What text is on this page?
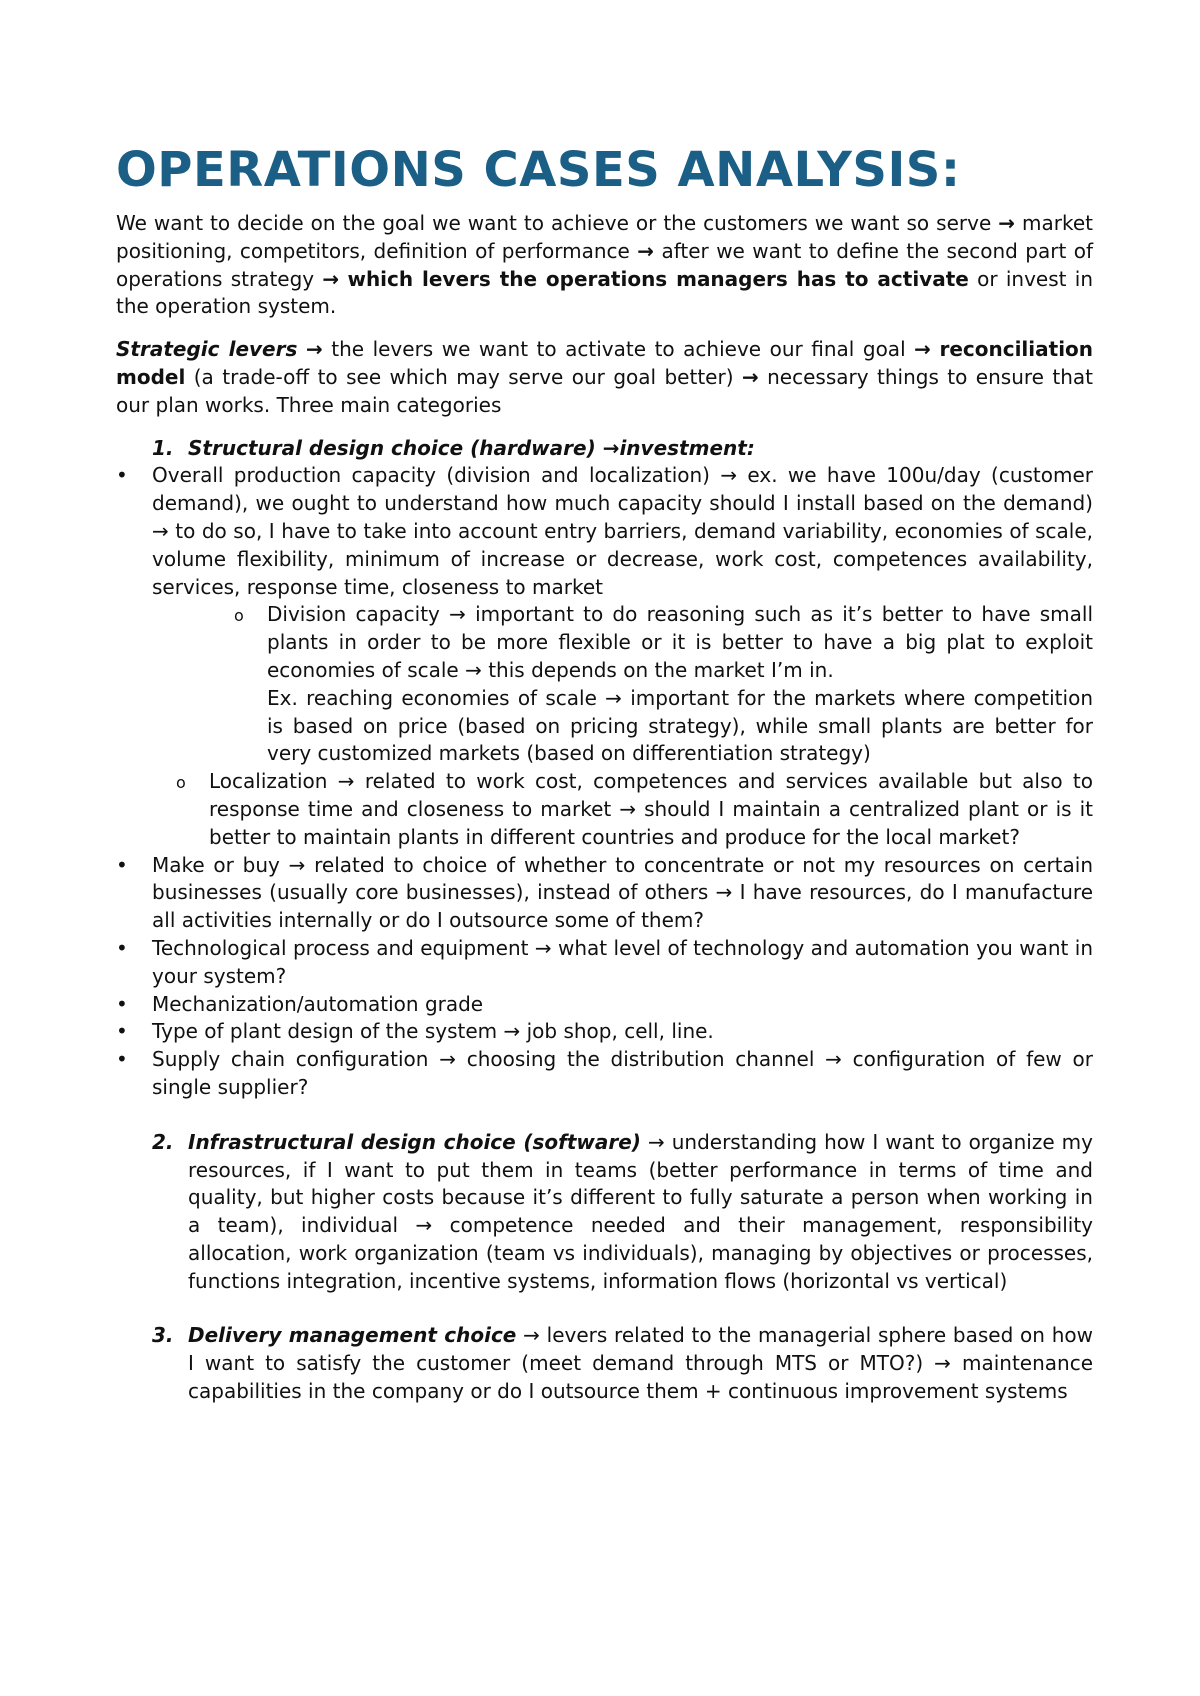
OPERATIONS CASES ANALYSIS:

We want to decide on the goal we want to achieve or the customers we want so serve → market positioning, competitors, definition of performance → after we want to define the second part of operations strategy → which levers the operations managers has to activate or invest in the operation system.

Strategic levers → the levers we want to activate to achieve our final goal → reconciliation model (a trade-off to see which may serve our goal better) → necessary things to ensure that our plan works. Three main categories

1. Structural design choice (hardware) →investment:

• Overall production capacity (division and localization) → ex. we have 100u/day (customer demand), we ought to understand how much capacity should I install based on the demand) → to do so, I have to take into account entry barriers, demand variability, economies of scale, volume flexibility, minimum of increase or decrease, work cost, competences availability, services, response time, closeness to market
o Division capacity → important to do reasoning such as it’s better to have small plants in order to be more flexible or it is better to have a big plat to exploit economies of scale → this depends on the market I’m in.
Ex. reaching economies of scale → important for the markets where competition is based on price (based on pricing strategy), while small plants are better for very customized markets (based on differentiation strategy)
o Localization → related to work cost, competences and services available but also to response time and closeness to market → should I maintain a centralized plant or is it better to maintain plants in different countries and produce for the local market?
• Make or buy → related to choice of whether to concentrate or not my resources on certain businesses (usually core businesses), instead of others → I have resources, do I manufacture all activities internally or do I outsource some of them?
• Technological process and equipment → what level of technology and automation you want in your system?
• Mechanization/automation grade
• Type of plant design of the system → job shop, cell, line.
• Supply chain configuration → choosing the distribution channel → configuration of few or single supplier?

2. Infrastructural design choice (software) → understanding how I want to organize my resources, if I want to put them in teams (better performance in terms of time and quality, but higher costs because it’s different to fully saturate a person when working in a team), individual → competence needed and their management, responsibility allocation, work organization (team vs individuals), managing by objectives or processes, functions integration, incentive systems, information flows (horizontal vs vertical)

3. Delivery management choice → levers related to the managerial sphere based on how I want to satisfy the customer (meet demand through MTS or MTO?) → maintenance capabilities in the company or do I outsource them + continuous improvement systems
